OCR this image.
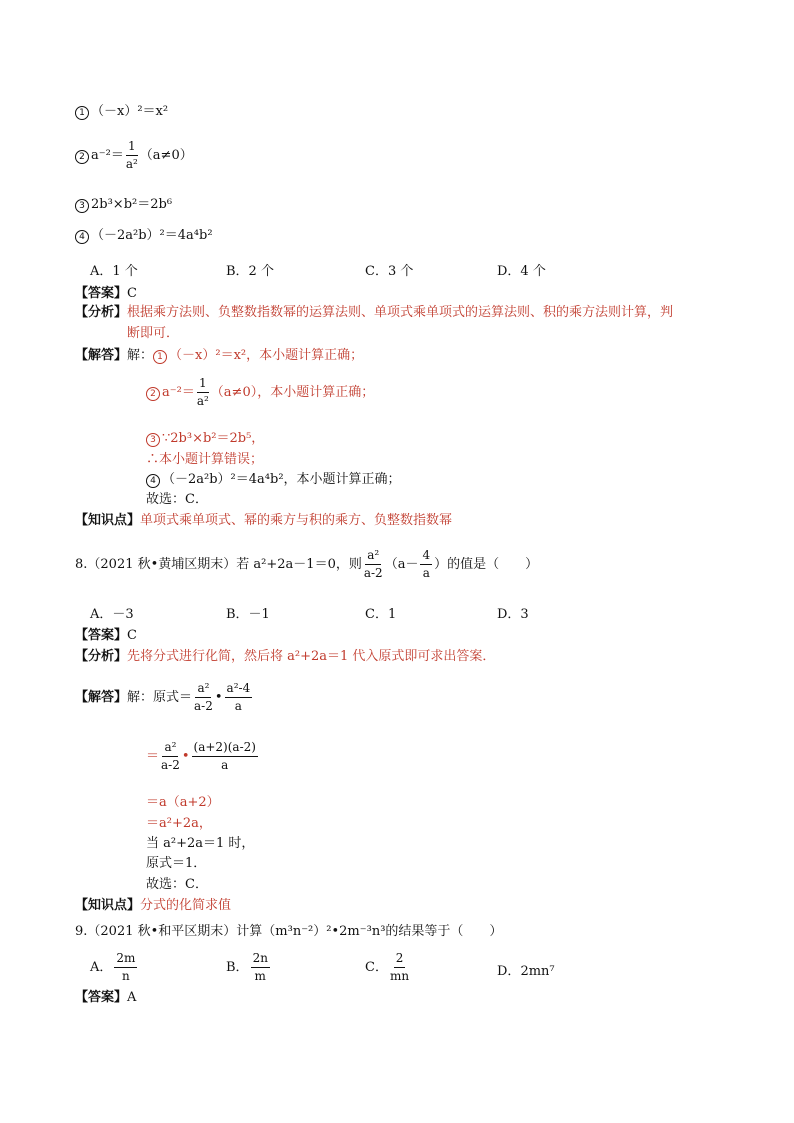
1 （－x）²＝x²
2 $a^{-2}= \frac{1}{\text{a²}} (a\ne 0)$
3 2b³×b²＝2b⁶
4 （－2a²b）²＝4a⁴b²
A．1 个	B．2 个	C．3 个	D．4 个
【答案】C
【分析】根据乘方法则、负整数指数幂的运算法则、单项式乘单项式的运算法则、积的乘方法则计算，判
断即可．
【解答】解： 1 （－x）²＝x²，本小题计算正确；
2 $a^{-2}= \frac{1}{\text{a²}} (a\ne 0)$，本小题计算正确；
3 ∵2b³×b²＝2b⁵，
∴本小题计算错误；
4 （－2a²b）²＝4a⁴b²，本小题计算正确；
故选：C．
【知识点】单项式乘单项式、幂的乘方与积的乘方、负整数指数幂
8.（2021 秋•黄埔区期末）若 a²+2a－1＝0，则 $\frac{\text{a²}}{a-2} (a- \frac{4}{a}$ ）的值是（　　）
A．－3	B．－1	C．1	D．3
【答案】C
【分析】先将分式进行化简，然后将 a²+2a＝1 代入原式即可求出答案．
【解答】解：原式＝ $\frac{\text{a²}}{a-2}$ • $\frac{\text{a²-4}}{a}$
＝ $\frac{\text{a²}}{a-2}$ • $\frac{(a+2)(a-2)}{a}$
＝a（a+2）
＝a²+2a，
当 a²+2a＝1 时，
原式＝1．
故选：C．
【知识点】分式的化简求值
9.（2021 秋•和平区期末）计算（m³n⁻²）²•2m⁻³n³的结果等于（　　）
A． $\frac{2m}{n}$	B． $\frac{2n}{m}$	C． $\frac{2}{mn}$	D．2mn⁷
【答案】A
